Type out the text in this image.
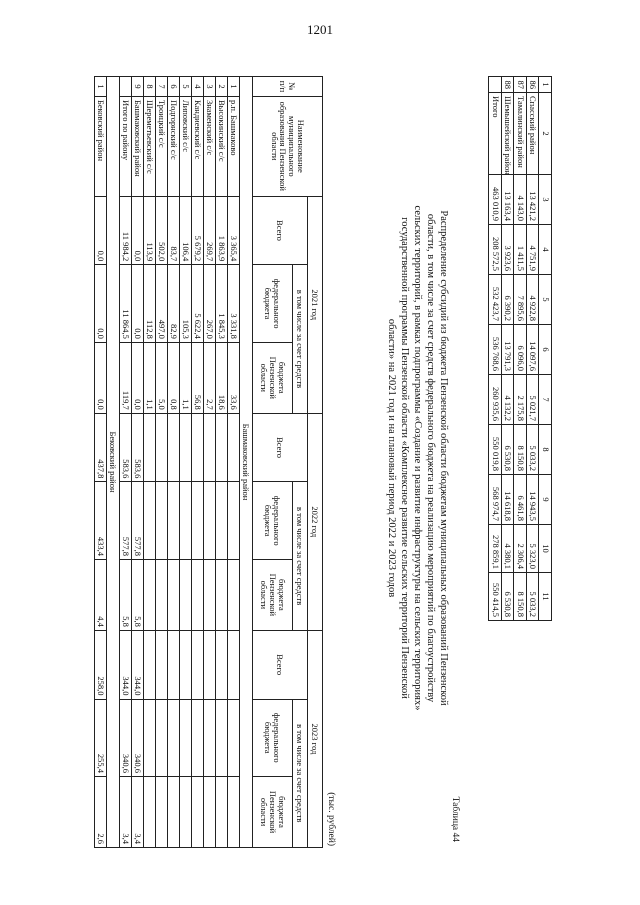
1201
1	2	3	4	5	6	7	8	9	10	11
86	Спасский район	13 421,2	4 751,9	4 922,8	14 097,6	5 021,7	5 033,2	14 943,5	5 323,0	5 033,2
87	Тамалинский район	4 143,0	1 411,5	7 895,6	6 096,0	2 175,8	8 150,8	6 461,8	2 306,4	8 150,8
88	Шемышейский район	13 163,4	3 923,6	6 390,2	13 791,3	4 132,2	6 530,8	14 618,8	4 380,1	6 530,8
	Итого	463 010,9	208 572,5	532 423,7	536 768,6	260 935,6	550 019,8	568 974,7	278 859,1	550 414,5
Таблица 44
Распределение субсидий из бюджета Пензенской области бюджетам муниципальных образований Пензенской
области, в том числе за счет средств федерального бюджета на реализацию мероприятий по благоустройству
сельских территорий, в рамках подпрограммы «Создание и развитие инфраструктуры на сельских территориях»
государственной программы Пензенской области «Комплексное развитие сельских территорий Пензенской
области» на 2021 год и на плановый период 2022 и 2023 годов
(тыс. рублей)
№ п/п	Наименование муниципального образования Пензенской области	2021 год			2022 год			2023 год		
		Всего	в том числе за счет средств		Всего	в том числе за счет средств		Всего	в том числе за счет средств	
			федерального бюджета	бюджета Пензенской области		федерального бюджета	бюджета Пензенской области		федерального бюджета	бюджета Пензенской области
Башмаковский район										
1	р.п. Башмаково	3 365,4	3 331,8	33,6						
2	Высокинский с/с	1 863,9	1 845,3	18,6						
3	Знаменский с/с	269,7	267,0	2,7						
4	Кандиевский с/с	5 679,2	5 622,4	56,8						
5	Липовский с/с	106,4	105,3	1,1						
6	Подгорнский с/с	83,7	82,9	0,8						
7	Троицкий с/с	502,0	497,0	5,0						
8	Шереметьевский с/с	113,9	112,8	1,1						
9	Башмаковский район	0,0	0,0	0,0	583,6	577,8	5,8	344,0	340,6	3,4
	Итого по району	11 984,2	11 864,5	119,7	583,6	577,8	5,8	344,0	340,6	3,4
Бековский район										
1	Бековский район	0,0	0,0	0,0	437,8	433,4	4,4	258,0	255,4	2,6
